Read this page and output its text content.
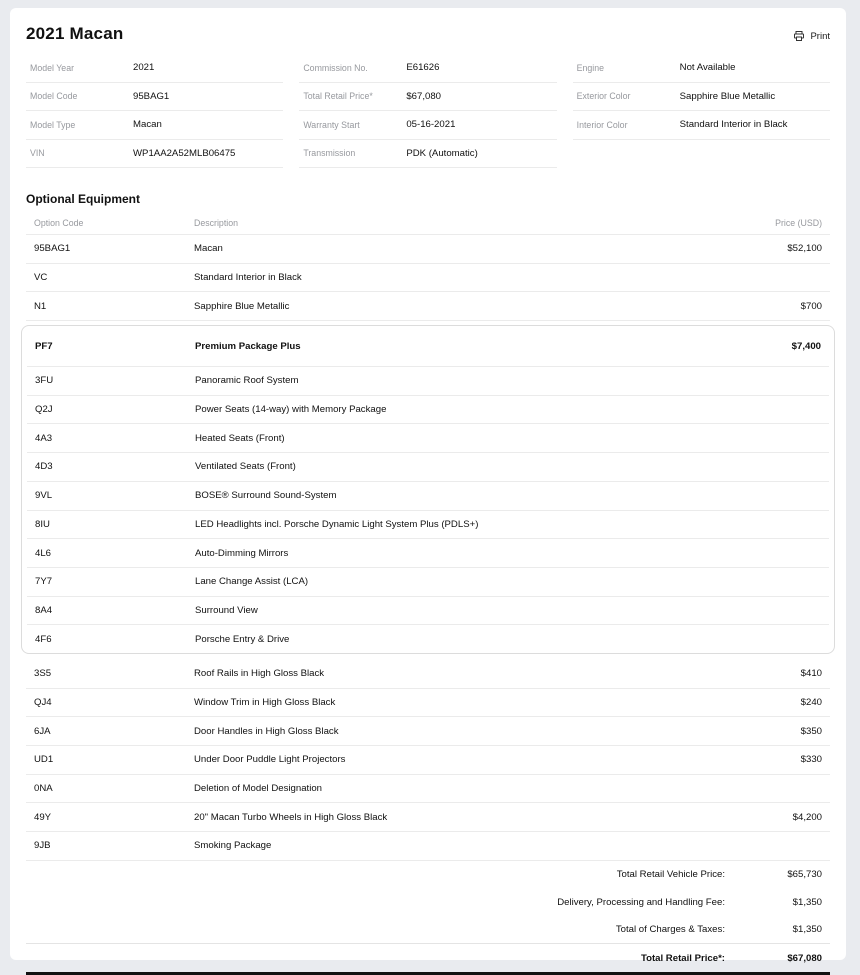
2021 Macan	Print
Model Year	2021
Model Code	95BAG1
Model Type	Macan
VIN	WP1AA2A52MLB06475
Commission No.	E61626
Total Retail Price*	$67,080
Warranty Start	05-16-2021
Transmission	PDK (Automatic)
Engine	Not Available
Exterior Color	Sapphire Blue Metallic
Interior Color	Standard Interior in Black
Optional Equipment
Option Code	Description	Price (USD)
95BAG1	Macan	$52,100
VC	Standard Interior in Black
N1	Sapphire Blue Metallic	$700
PF7	Premium Package Plus	$7,400
3FU	Panoramic Roof System
Q2J	Power Seats (14-way) with Memory Package
4A3	Heated Seats (Front)
4D3	Ventilated Seats (Front)
9VL	BOSE® Surround Sound-System
8IU	LED Headlights incl. Porsche Dynamic Light System Plus (PDLS+)
4L6	Auto-Dimming Mirrors
7Y7	Lane Change Assist (LCA)
8A4	Surround View
4F6	Porsche Entry & Drive
3S5	Roof Rails in High Gloss Black	$410
QJ4	Window Trim in High Gloss Black	$240
6JA	Door Handles in High Gloss Black	$350
UD1	Under Door Puddle Light Projectors	$330
0NA	Deletion of Model Designation
49Y	20" Macan Turbo Wheels in High Gloss Black	$4,200
9JB	Smoking Package
Total Retail Vehicle Price:	$65,730
Delivery, Processing and Handling Fee:	$1,350
Total of Charges & Taxes:	$1,350
Total Retail Price*:	$67,080
